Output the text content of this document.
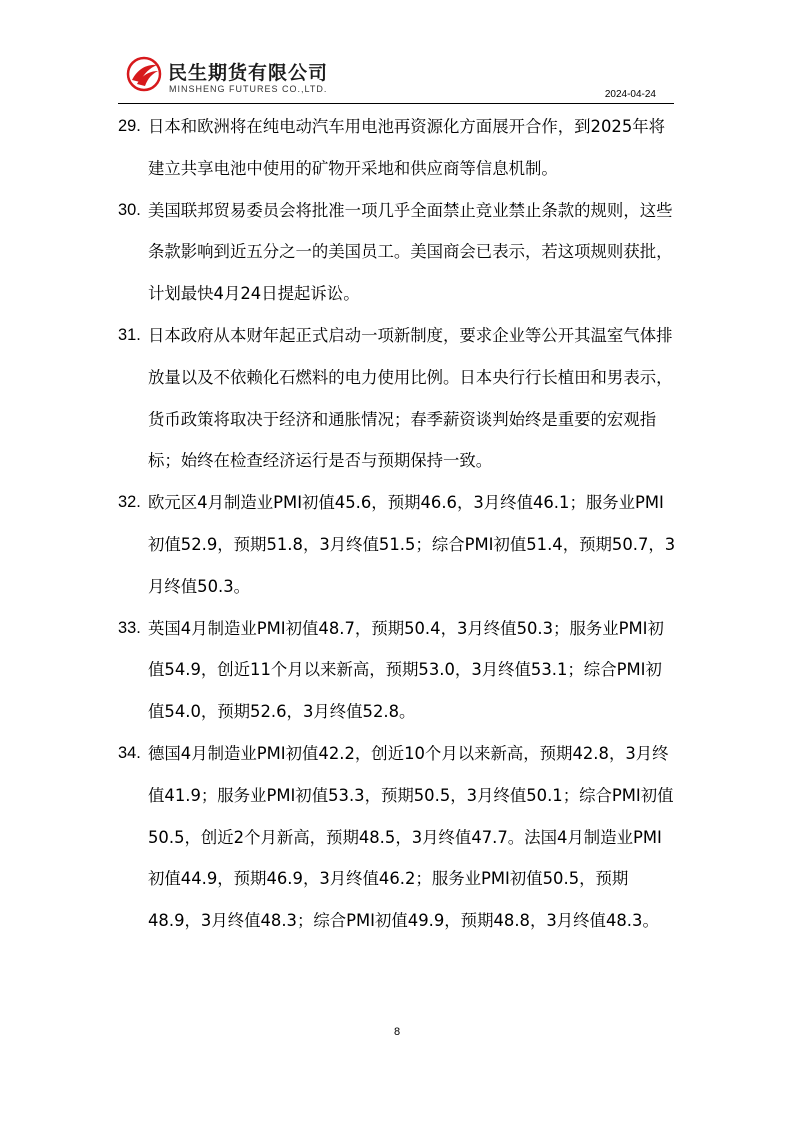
民生期货有限公司
MINSHENG FUTURES CO.,LTD.	2024-04-24
29. 日本和欧洲将在纯电动汽车用电池再资源化方面展开合作，到2025年将建立共享电池中使用的矿物开采地和供应商等信息机制。
30. 美国联邦贸易委员会将批准一项几乎全面禁止竞业禁止条款的规则，这些条款影响到近五分之一的美国员工。美国商会已表示，若这项规则获批，计划最快4月24日提起诉讼。
31. 日本政府从本财年起正式启动一项新制度，要求企业等公开其温室气体排放量以及不依赖化石燃料的电力使用比例。日本央行行长植田和男表示，货币政策将取决于经济和通胀情况；春季薪资谈判始终是重要的宏观指标；始终在检查经济运行是否与预期保持一致。
32. 欧元区4月制造业PMI初值45.6，预期46.6，3月终值46.1；服务业PMI初值52.9，预期51.8，3月终值51.5；综合PMI初值51.4，预期50.7，3月终值50.3。
33. 英国4月制造业PMI初值48.7，预期50.4，3月终值50.3；服务业PMI初值54.9，创近11个月以来新高，预期53.0，3月终值53.1；综合PMI初值54.0，预期52.6，3月终值52.8。
34. 德国4月制造业PMI初值42.2，创近10个月以来新高，预期42.8，3月终值41.9；服务业PMI初值53.3，预期50.5，3月终值50.1；综合PMI初值50.5，创近2个月新高，预期48.5，3月终值47.7。法国4月制造业PMI初值44.9，预期46.9，3月终值46.2；服务业PMI初值50.5，预期48.9，3月终值48.3；综合PMI初值49.9，预期48.8，3月终值48.3。
8
